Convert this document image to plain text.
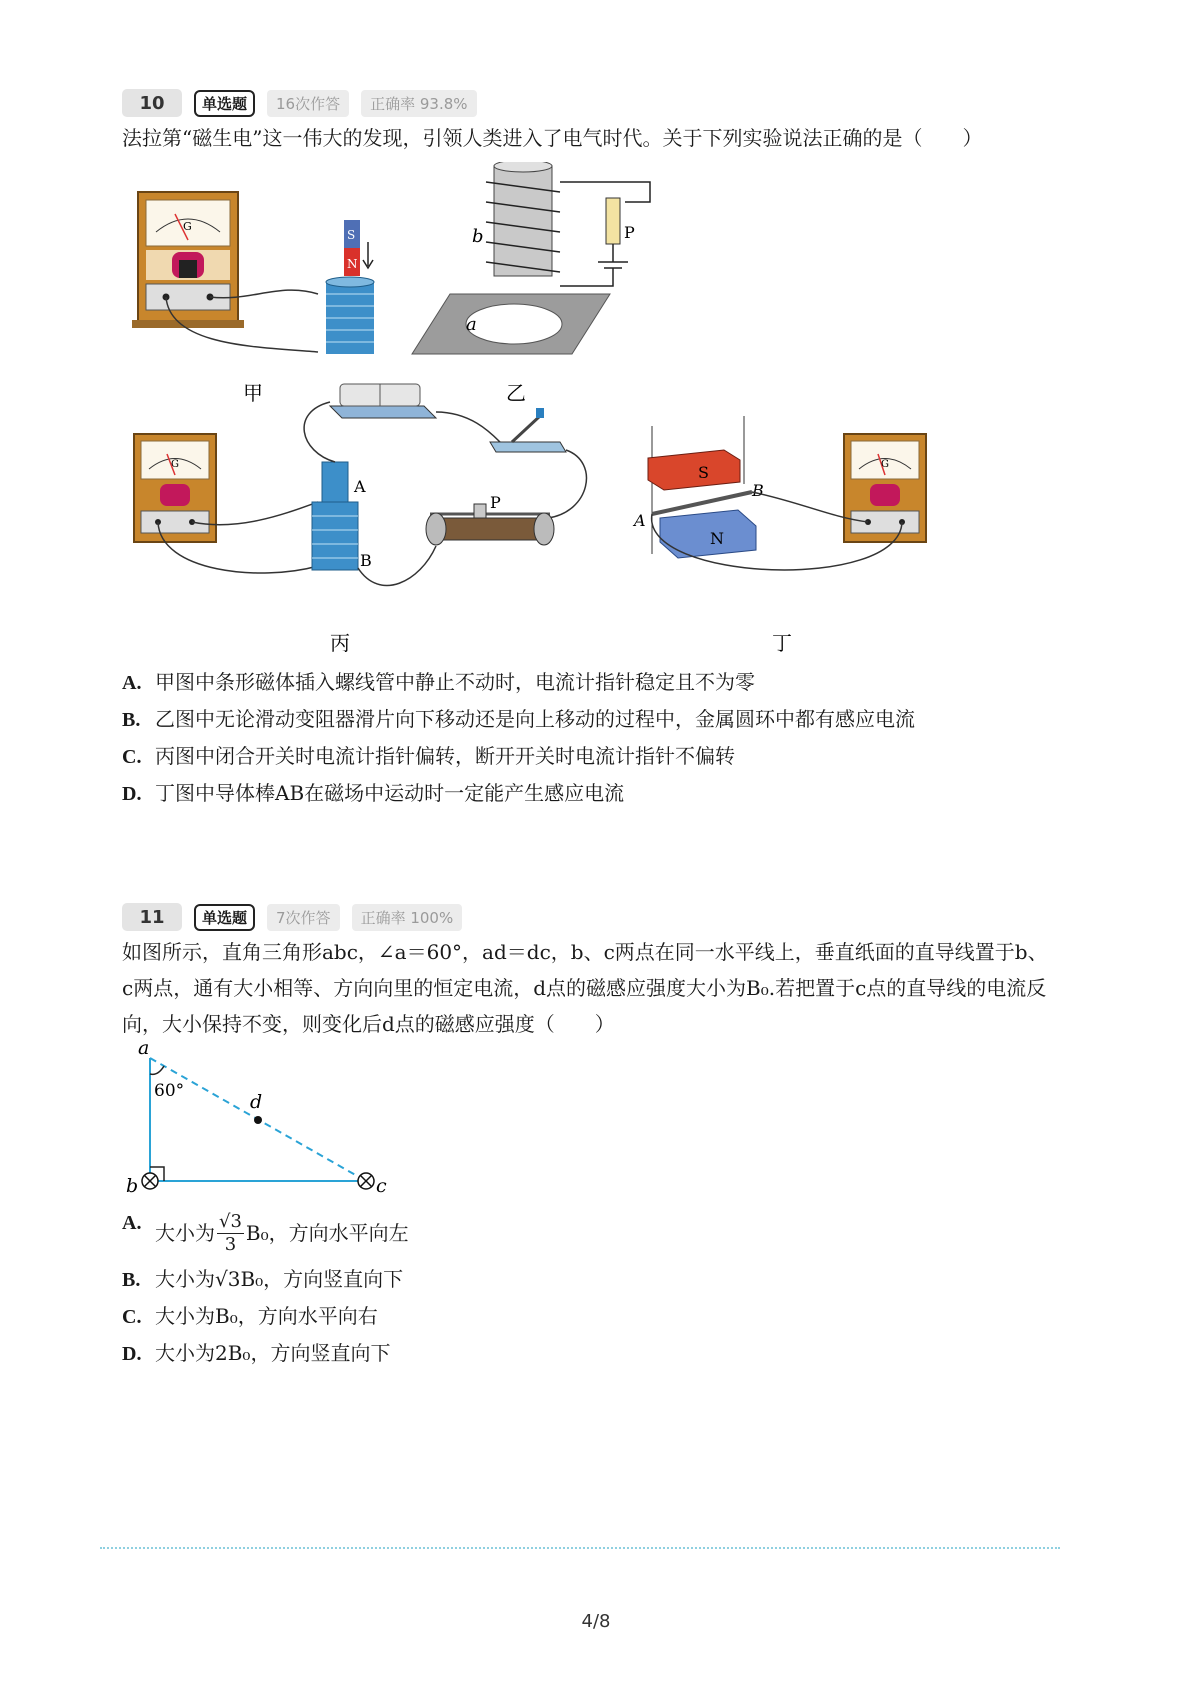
10	单选题	16次作答	正确率 93.8%
法拉第“磁生电”这一伟大的发现，引领人类进入了电气时代。关于下列实验说法正确的是（　　）
G
S
N
甲
a
b	P
乙
G
A
B
P
丙
S
N
A
B
G
丁
A. 甲图中条形磁体插入螺线管中静止不动时，电流计指针稳定且不为零
B. 乙图中无论滑动变阻器滑片向下移动还是向上移动的过程中，金属圆环中都有感应电流
C. 丙图中闭合开关时电流计指针偏转，断开开关时电流计指针不偏转
D. 丁图中导体棒AB在磁场中运动时一定能产生感应电流
11	单选题	7次作答	正确率 100%
如图所示，直角三角形abc，∠a＝60°，ad＝dc，b、c两点在同一水平线上，垂直纸面的直导线置于b、c两点，通有大小相等、方向向里的恒定电流，d点的磁感应强度大小为B₀.若把置于c点的直导线的电流反向，大小保持不变，则变化后d点的磁感应强度（　　）
60°
a
d
b	c
A. 大小为 $\frac{√3}{3} B_0$，方向水平向左
B. 大小为√3B₀，方向竖直向下
C. 大小为B₀，方向水平向右
D. 大小为2B₀，方向竖直向下
4/8
